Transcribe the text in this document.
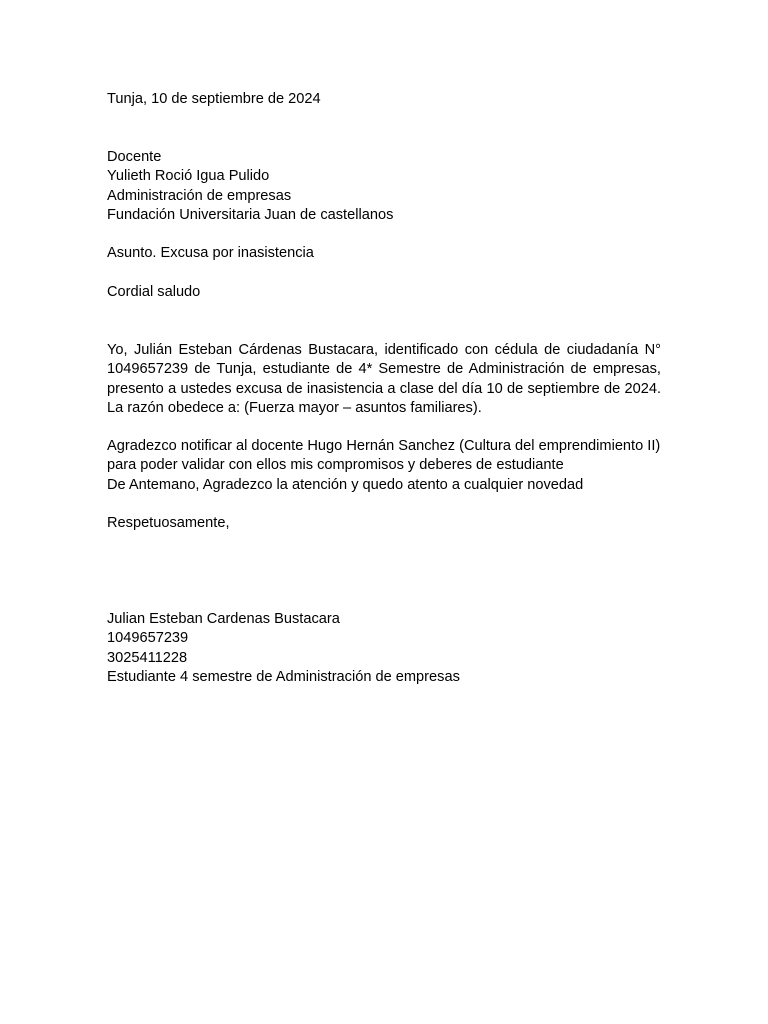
Tunja, 10 de septiembre de 2024
Docente
Yulieth Roció Igua Pulido
Administración de empresas
Fundación Universitaria Juan de castellanos
Asunto. Excusa por inasistencia
Cordial saludo
Yo, Julián Esteban Cárdenas Bustacara, identificado con cédula de ciudadanía N° 1049657239 de Tunja, estudiante de 4* Semestre de Administración de empresas, presento a ustedes excusa de inasistencia a clase del día 10 de septiembre de 2024. La razón obedece a: (Fuerza mayor – asuntos familiares).
Agradezco notificar al docente Hugo Hernán Sanchez (Cultura del emprendimiento II) para poder validar con ellos mis compromisos y deberes de estudiante
De Antemano, Agradezco la atención y quedo atento a cualquier novedad
Respetuosamente,
Julian Esteban Cardenas Bustacara
1049657239
3025411228
Estudiante 4 semestre de Administración de empresas
